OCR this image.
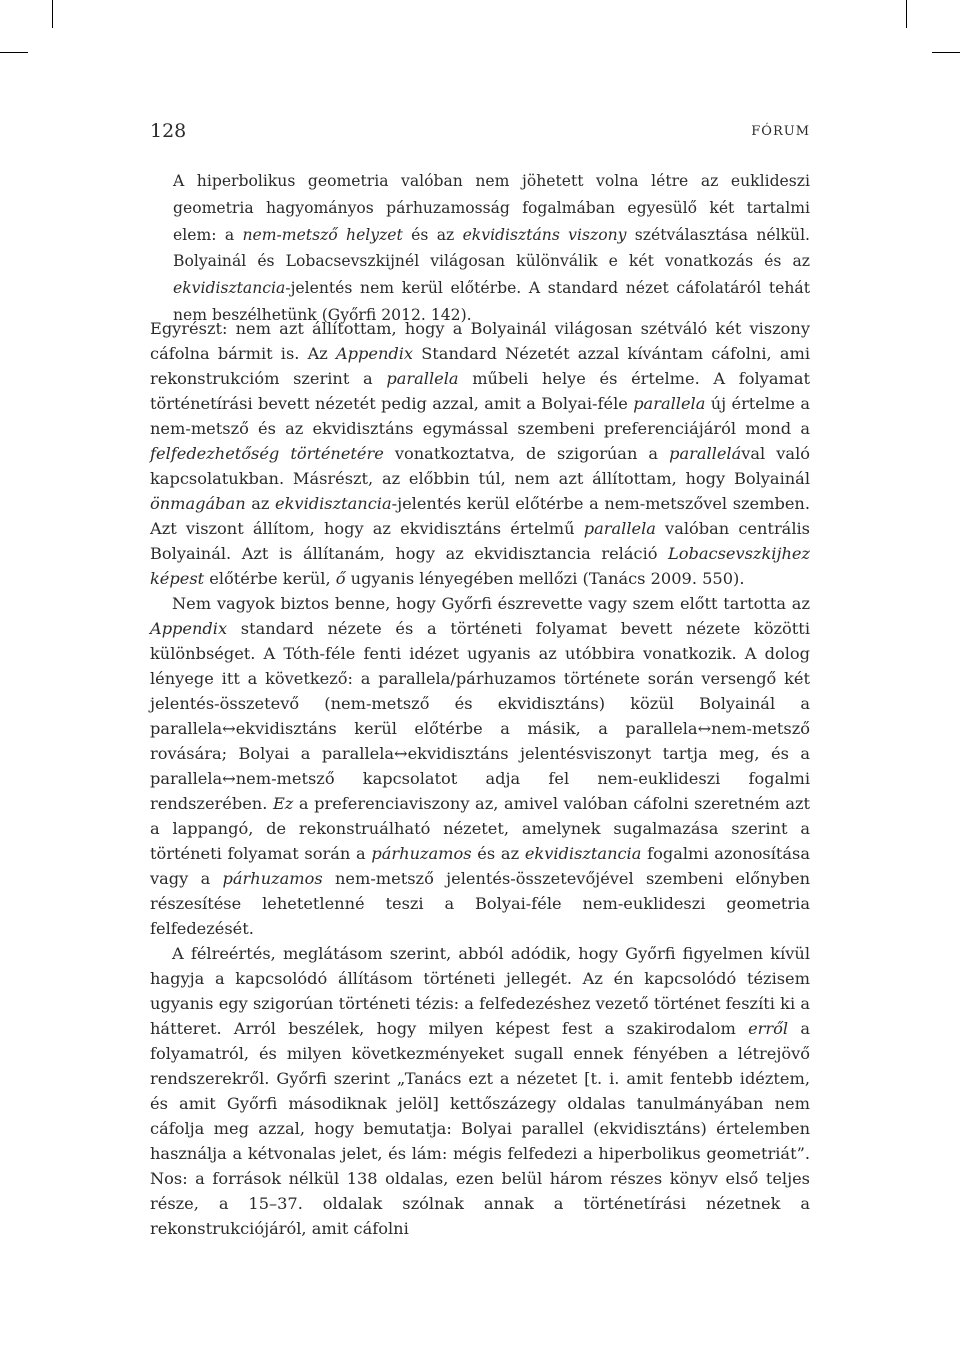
128	FÓRUM

A hiperbolikus geometria valóban nem jöhetett volna létre az euklideszi geometria hagyományos párhuzamosság fogalmában egyesülő két tartalmi elem: a nem-metsző helyzet és az ekvidisztáns viszony szétválasztása nélkül. Bolyainál és Lobacsevszkijnél világosan különválik e két vonatkozás és az ekvidisztancia-jelentés nem kerül előtérbe. A standard nézet cáfolatáról tehát nem beszélhetünk (Győrfi 2012. 142).

Egyrészt: nem azt állítottam, hogy a Bolyainál világosan szétváló két viszony cáfolna bármit is. Az Appendix Standard Nézetét azzal kívántam cáfolni, ami rekonstrukcióm szerint a parallela műbeli helye és értelme. A folyamat történetírási bevett nézetét pedig azzal, amit a Bolyai-féle parallela új értelme a nem-metsző és az ekvidisztáns egymással szembeni preferenciájáról mond a felfedezhetőség történetére vonatkoztatva, de szigorúan a parallelával való kapcsolatukban. Másrészt, az előbbin túl, nem azt állítottam, hogy Bolyainál önmagában az ekvidisztancia-jelentés kerül előtérbe a nem-metszővel szemben. Azt viszont állítom, hogy az ekvidisztáns értelmű parallela valóban centrális Bolyainál. Azt is állítanám, hogy az ekvidisztancia reláció Lobacsevszkijhez képest előtérbe kerül, ő ugyanis lényegében mellőzi (Tanács 2009. 550).

Nem vagyok biztos benne, hogy Győrfi észrevette vagy szem előtt tartotta az Appendix standard nézete és a történeti folyamat bevett nézete közötti különbséget. A Tóth-féle fenti idézet ugyanis az utóbbira vonatkozik. A dolog lényege itt a következő: a parallela/párhuzamos története során versengő két jelentés-összetevő (nem-metsző és ekvidisztáns) közül Bolyainál a parallela↔ekvidisztáns kerül előtérbe a másik, a parallela↔nem-metsző rovására; Bolyai a parallela↔ekvidisztáns jelentésviszonyt tartja meg, és a parallela↔nem-metsző kapcsolatot adja fel nem-euklideszi fogalmi rendszerében. Ez a preferenciaviszony az, amivel valóban cáfolni szeretném azt a lappangó, de rekonstruálható nézetet, amelynek sugalmazása szerint a történeti folyamat során a párhuzamos és az ekvidisztancia fogalmi azonosítása vagy a párhuzamos nem-metsző jelentés-összetevőjével szembeni előnyben részesítése lehetetlenné teszi a Bolyai-féle nem-euklideszi geometria felfedezését.

A félreértés, meglátásom szerint, abból adódik, hogy Győrfi figyelmen kívül hagyja a kapcsolódó állításom történeti jellegét. Az én kapcsolódó tézisem ugyanis egy szigorúan történeti tézis: a felfedezéshez vezető történet feszíti ki a hátteret. Arról beszélek, hogy milyen képest fest a szakirodalom erről a folyamatról, és milyen következményeket sugall ennek fényében a létrejövő rendszerekről. Győrfi szerint „Tanács ezt a nézetet [t. i. amit fentebb idéztem, és amit Győrfi másodiknak jelöl] kettőszázegy oldalas tanulmányában nem cáfolja meg azzal, hogy bemutatja: Bolyai parallel (ekvidisztáns) értelemben használja a kétvonalas jelet, és lám: mégis felfedezi a hiperbolikus geometriát”. Nos: a források nélkül 138 oldalas, ezen belül három részes könyv első teljes része, a 15–37. oldalak szólnak annak a történetírási nézetnek a rekonstrukciójáról, amit cáfolni
